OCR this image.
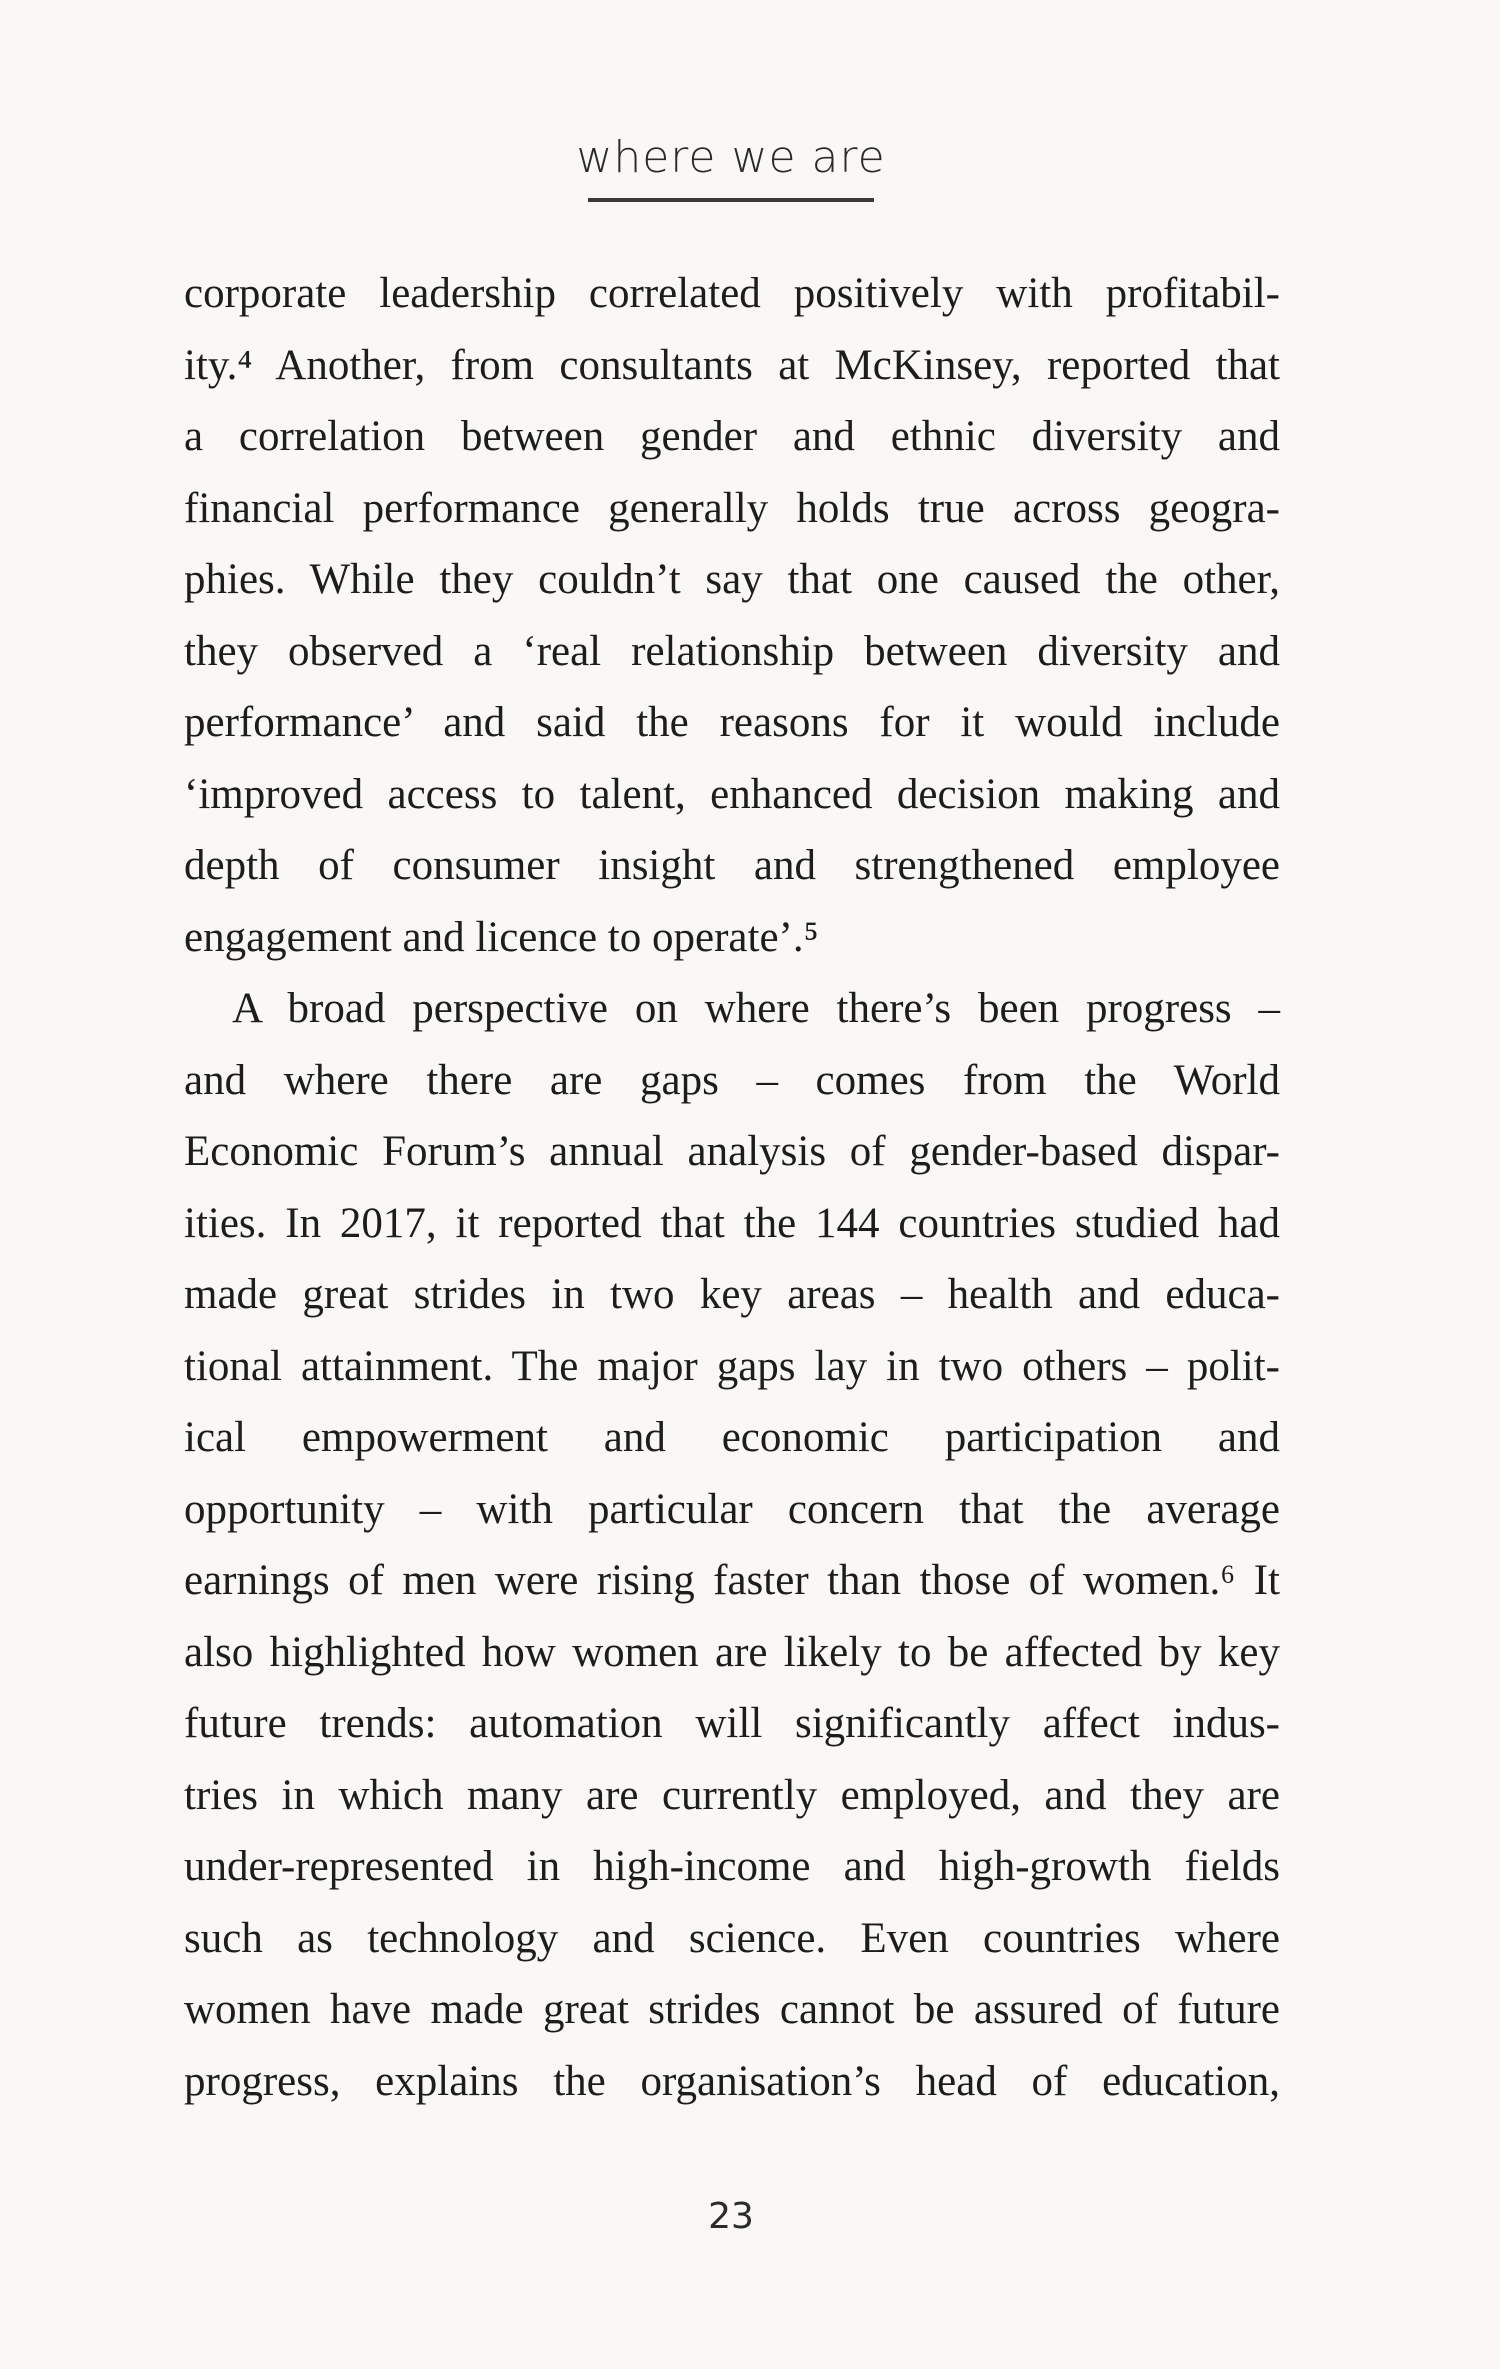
where we are
corporate leadership correlated positively with profitabil-
ity.⁴ Another, from consultants at McKinsey, reported that
a correlation between gender and ethnic diversity and
financial performance generally holds true across geogra-
phies. While they couldn’t say that one caused the other,
they observed a ‘real relationship between diversity and
performance’ and said the reasons for it would include
‘improved access to talent, enhanced decision making and
depth of consumer insight and strengthened employee
engagement and licence to operate’.⁵
A broad perspective on where there’s been progress –
and where there are gaps – comes from the World
Economic Forum’s annual analysis of gender-based dispar-
ities. In 2017, it reported that the 144 countries studied had
made great strides in two key areas – health and educa-
tional attainment. The major gaps lay in two others – polit-
ical empowerment and economic participation and
opportunity – with particular concern that the average
earnings of men were rising faster than those of women.⁶ It
also highlighted how women are likely to be affected by key
future trends: automation will significantly affect indus-
tries in which many are currently employed, and they are
under-represented in high-income and high-growth fields
such as technology and science. Even countries where
women have made great strides cannot be assured of future
progress, explains the organisation’s head of education,
23
